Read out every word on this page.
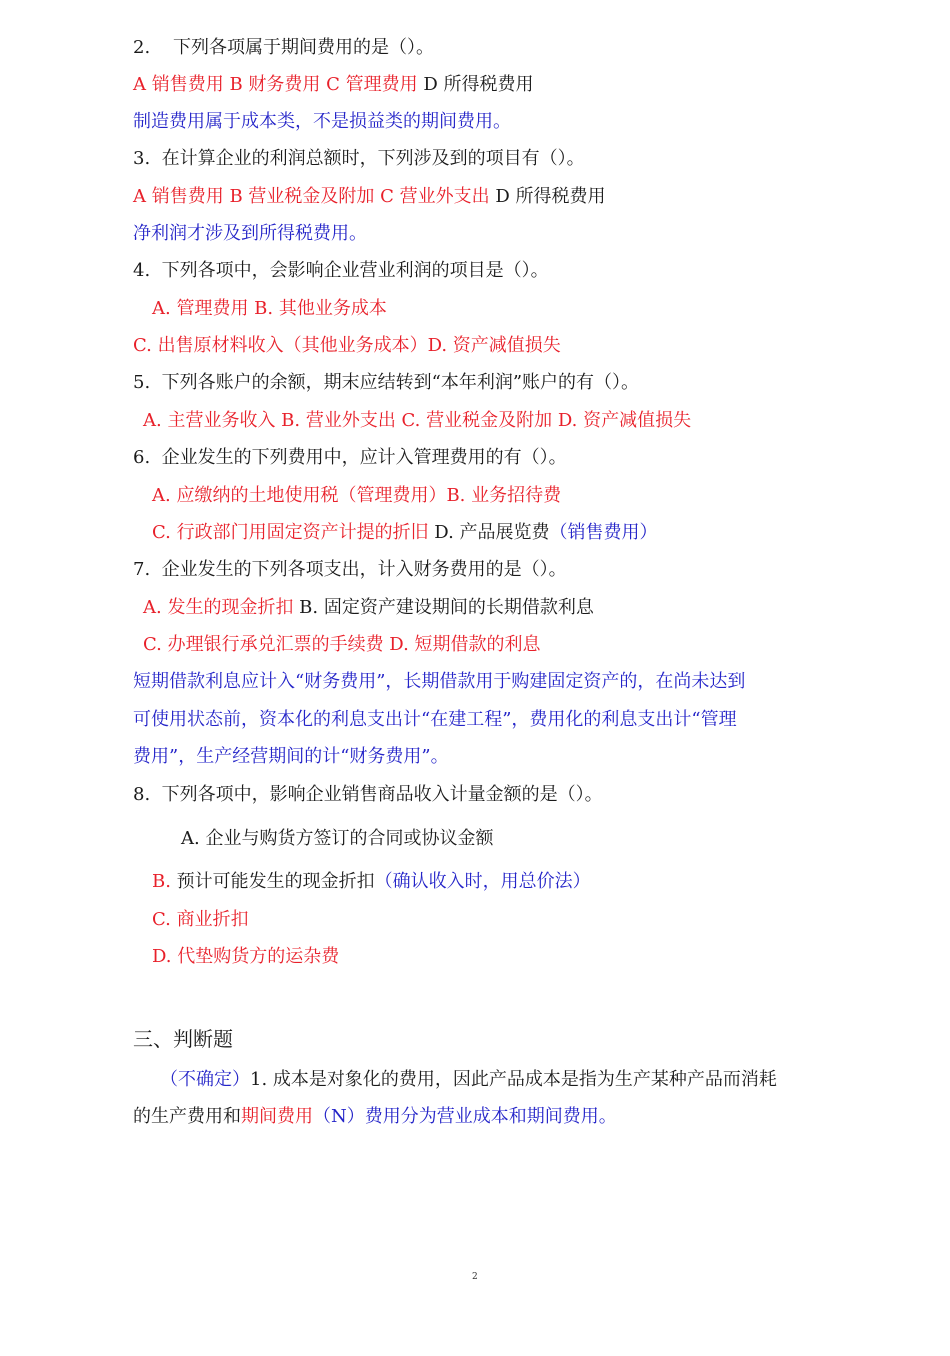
2.    下列各项属于期间费用的是（）。
A 销售费用 B 财务费用 C 管理费用 D 所得税费用
制造费用属于成本类，不是损益类的期间费用。
3.  在计算企业的利润总额时，下列涉及到的项目有（）。
A 销售费用 B 营业税金及附加 C 营业外支出 D 所得税费用
净利润才涉及到所得税费用。
4.  下列各项中，会影响企业营业利润的项目是（）。
A. 管理费用 B. 其他业务成本
C. 出售原材料收入（其他业务成本）D. 资产减值损失
5.  下列各账户的余额，期末应结转到“本年利润”账户的有（）。
A. 主营业务收入 B. 营业外支出 C. 营业税金及附加 D. 资产减值损失
6.  企业发生的下列费用中，应计入管理费用的有（）。
A. 应缴纳的土地使用税（管理费用）B. 业务招待费
C. 行政部门用固定资产计提的折旧 D. 产品展览费（销售费用）
7.  企业发生的下列各项支出，计入财务费用的是（）。
A. 发生的现金折扣 B. 固定资产建设期间的长期借款利息
C. 办理银行承兑汇票的手续费 D. 短期借款的利息
短期借款利息应计入“财务费用”，长期借款用于购建固定资产的，在尚未达到
可使用状态前，资本化的利息支出计“在建工程”，费用化的利息支出计“管理
费用”，生产经营期间的计“财务费用”。
8.  下列各项中，影响企业销售商品收入计量金额的是（）。
A. 企业与购货方签订的合同或协议金额
B. 预计可能发生的现金折扣（确认收入时，用总价法）
C. 商业折扣
D. 代垫购货方的运杂费
三、判断题
（不确定）1. 成本是对象化的费用，因此产品成本是指为生产某种产品而消耗
的生产费用和期间费用（N）费用分为营业成本和期间费用。
2
